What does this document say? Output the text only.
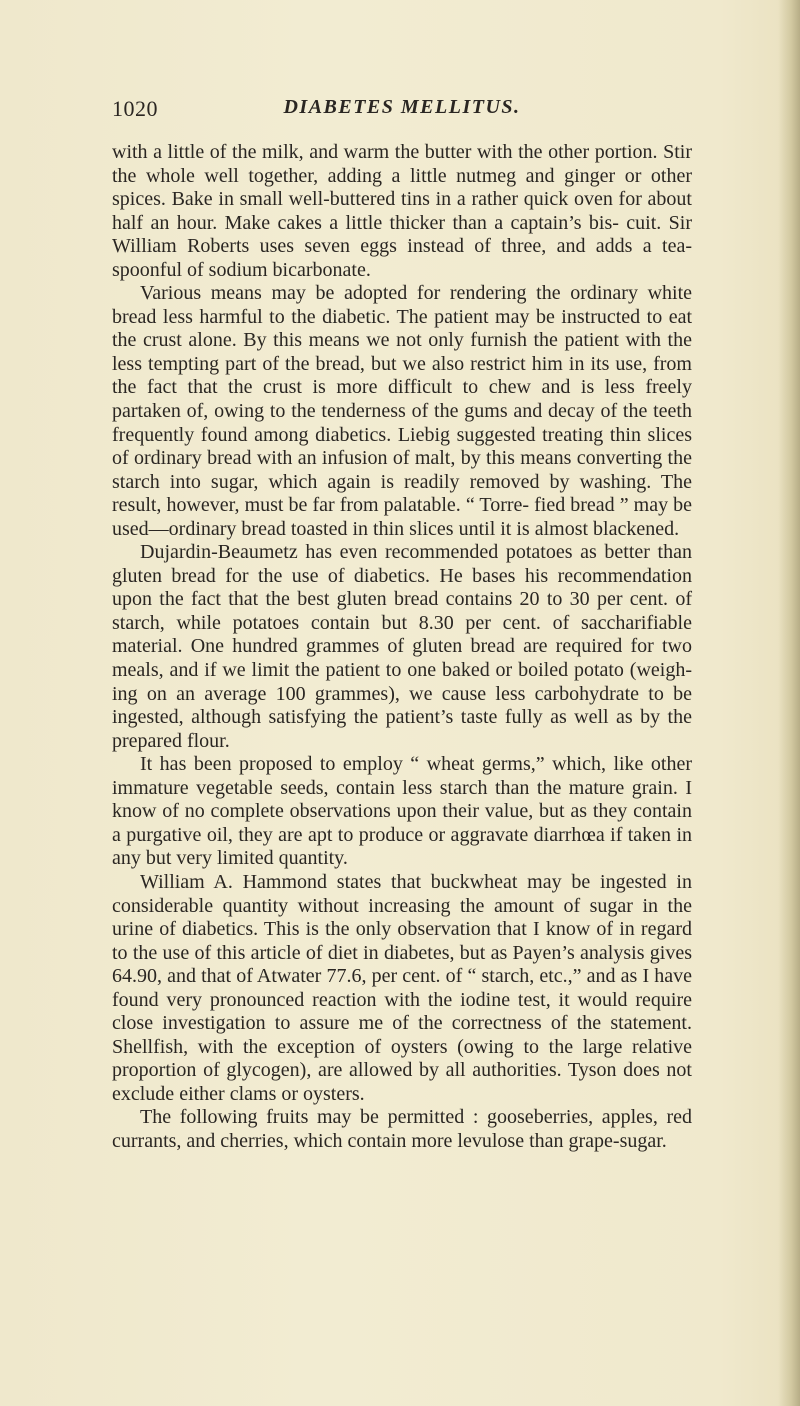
1020	DIABETES MELLITUS.

with a little of the milk, and warm the butter with the other portion. Stir the whole well together, adding a little nutmeg and ginger or other spices. Bake in small well-buttered tins in a rather quick oven for about half an hour. Make cakes a little thicker than a captain’s bis- cuit. Sir William Roberts uses seven eggs instead of three, and adds a tea-spoonful of sodium bicarbonate.

Various means may be adopted for rendering the ordinary white bread less harmful to the diabetic. The patient may be instructed to eat the crust alone. By this means we not only furnish the patient with the less tempting part of the bread, but we also restrict him in its use, from the fact that the crust is more difficult to chew and is less freely partaken of, owing to the tenderness of the gums and decay of the teeth frequently found among diabetics. Liebig suggested treating thin slices of ordinary bread with an infusion of malt, by this means converting the starch into sugar, which again is readily removed by washing. The result, however, must be far from palatable. “ Torre- fied bread ” may be used—ordinary bread toasted in thin slices until it is almost blackened.

Dujardin-Beaumetz has even recommended potatoes as better than gluten bread for the use of diabetics. He bases his recommendation upon the fact that the best gluten bread contains 20 to 30 per cent. of starch, while potatoes contain but 8.30 per cent. of saccharifiable material. One hundred grammes of gluten bread are required for two meals, and if we limit the patient to one baked or boiled potato (weigh- ing on an average 100 grammes), we cause less carbohydrate to be ingested, although satisfying the patient’s taste fully as well as by the prepared flour.

It has been proposed to employ “ wheat germs,” which, like other immature vegetable seeds, contain less starch than the mature grain. I know of no complete observations upon their value, but as they contain a purgative oil, they are apt to produce or aggravate diarrhœa if taken in any but very limited quantity.

William A. Hammond states that buckwheat may be ingested in considerable quantity without increasing the amount of sugar in the urine of diabetics. This is the only observation that I know of in regard to the use of this article of diet in diabetes, but as Payen’s analysis gives 64.90, and that of Atwater 77.6, per cent. of “ starch, etc.,” and as I have found very pronounced reaction with the iodine test, it would require close investigation to assure me of the correctness of the statement. Shellfish, with the exception of oysters (owing to the large relative proportion of glycogen), are allowed by all authorities. Tyson does not exclude either clams or oysters.

The following fruits may be permitted : gooseberries, apples, red currants, and cherries, which contain more levulose than grape-sugar.
